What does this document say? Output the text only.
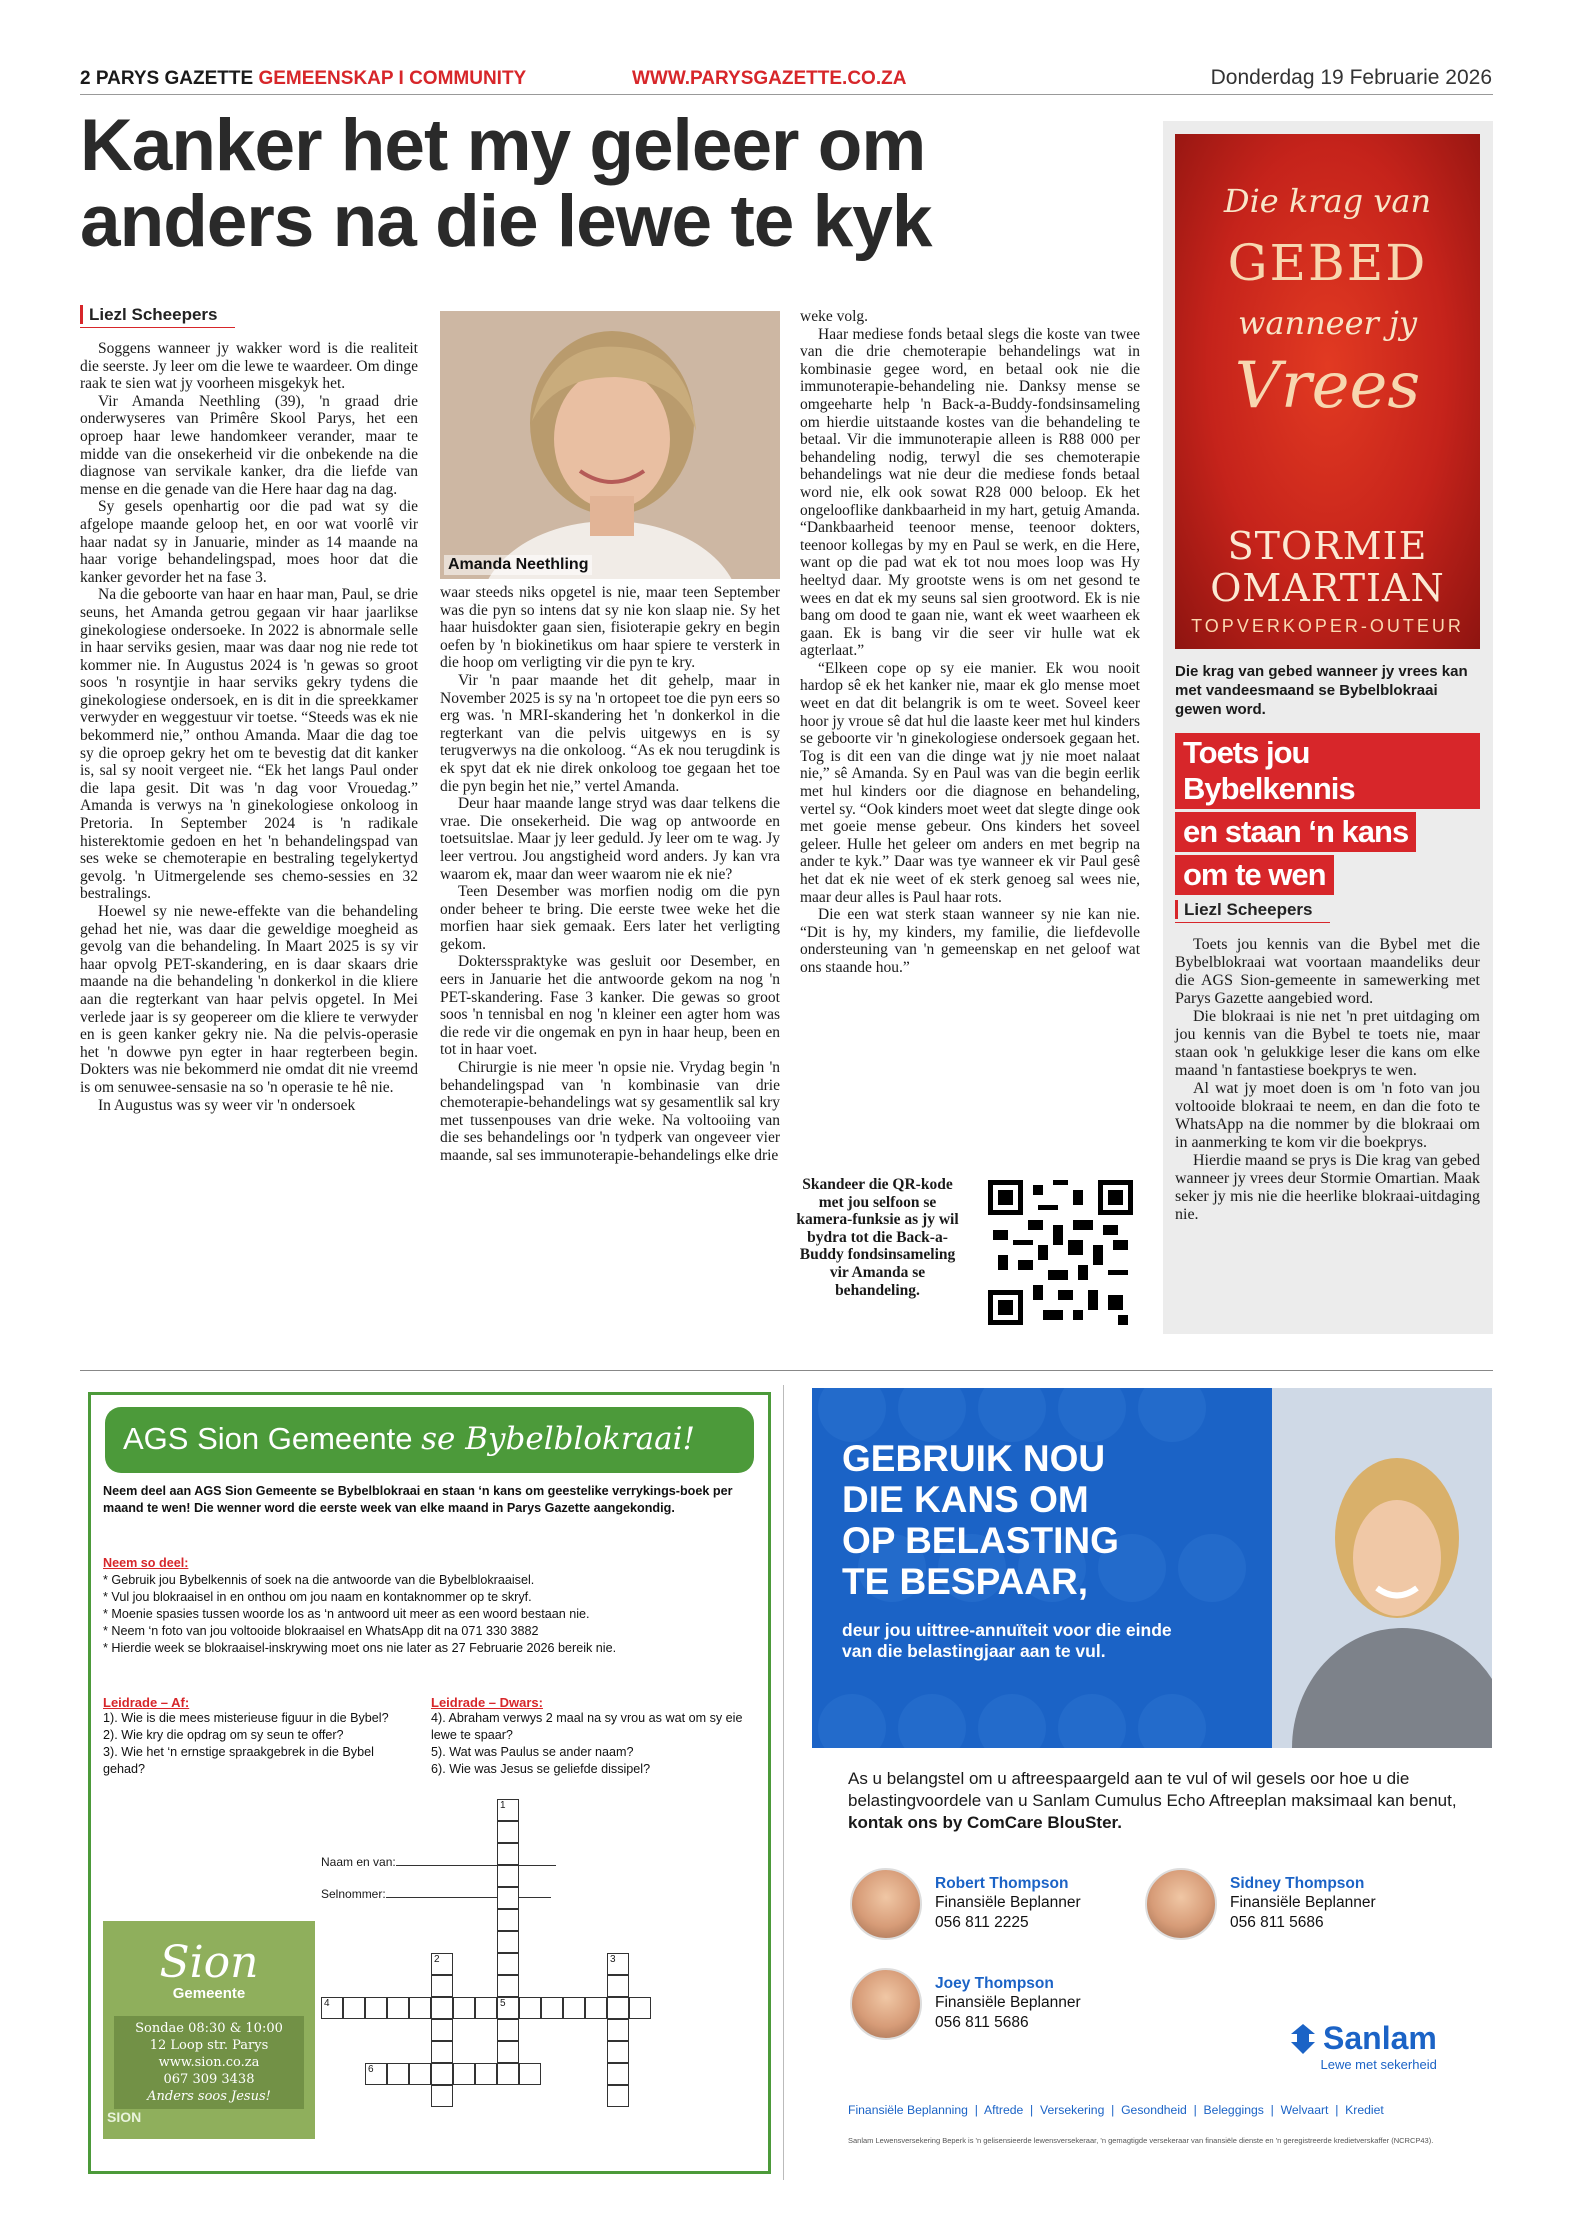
2 PARYS GAZETTE GEMEENSKAP I COMMUNITY	WWW.PARYSGAZETTE.CO.ZA	Donderdag 19 Februarie 2026
Kanker het my geleer om
anders na die lewe te kyk
Liezl Scheepers

Soggens wanneer jy wakker word is die realiteit die seerste. Jy leer om die lewe te waardeer. Om dinge raak te sien wat jy voorheen misgekyk het.

Vir Amanda Neethling (39), 'n graad drie onderwyseres van Primêre Skool Parys, het een oproep haar lewe handomkeer verander, maar te midde van die onsekerheid vir die onbekende na die diagnose van servikale kanker, dra die liefde van mense en die genade van die Here haar dag na dag.

Sy gesels openhartig oor die pad wat sy die afgelope maande geloop het, en oor wat voorlê vir haar nadat sy in Januarie, minder as 14 maande na haar vorige behandelingspad, moes hoor dat die kanker gevorder het na fase 3.

Na die geboorte van haar en haar man, Paul, se drie seuns, het Amanda getrou gegaan vir haar jaarlikse ginekologiese ondersoeke. In 2022 is abnormale selle in haar serviks gesien, maar was daar nog nie rede tot kommer nie. In Augustus 2024 is 'n gewas so groot soos 'n rosyntjie in haar serviks gekry tydens die ginekologiese ondersoek, en is dit in die spreekkamer verwyder en weggestuur vir toetse. “Steeds was ek nie bekommerd nie,” onthou Amanda. Maar die dag toe sy die oproep gekry het om te bevestig dat dit kanker is, sal sy nooit vergeet nie. “Ek het langs Paul onder die lapa gesit. Dit was 'n dag voor Vrouedag.” Amanda is verwys na 'n ginekologiese onkoloog in Pretoria. In September 2024 is 'n radikale histerektomie gedoen en het 'n behandelingspad van ses weke se chemoterapie en bestraling tegelykertyd gevolg. 'n Uitmergelende ses chemo-sessies en 32 bestralings.

Hoewel sy nie newe-effekte van die behandeling gehad het nie, was daar die geweldige moegheid as gevolg van die behandeling. In Maart 2025 is sy vir haar opvolg PET-skandering, en is daar skaars drie maande na die behandeling 'n donkerkol in die kliere aan die regterkant van haar pelvis opgetel. In Mei verlede jaar is sy geopereer om die kliere te verwyder en is geen kanker gekry nie. Na die pelvis-operasie het 'n dowwe pyn egter in haar regterbeen begin. Dokters was nie bekommerd nie omdat dit nie vreemd is om senuwee-sensasie na so 'n operasie te hê nie.

In Augustus was sy weer vir 'n ondersoek

Amanda Neethling

waar steeds niks opgetel is nie, maar teen September was die pyn so intens dat sy nie kon slaap nie. Sy het haar huisdokter gaan sien, fisioterapie gekry en begin oefen by 'n biokinetikus om haar spiere te versterk in die hoop om verligting vir die pyn te kry.

Vir 'n paar maande het dit gehelp, maar in November 2025 is sy na 'n ortopeet toe die pyn eers so erg was. 'n MRI-skandering het 'n donkerkol in die regterkant van die pelvis uitgewys en is sy terugverwys na die onkoloog. “As ek nou terugdink is ek spyt dat ek nie direk onkoloog toe gegaan het toe die pyn begin het nie,” vertel Amanda.

Deur haar maande lange stryd was daar telkens die vrae. Die onsekerheid. Die wag op antwoorde en toetsuitslae. Maar jy leer geduld. Jy leer om te wag. Jy leer vertrou. Jou angstigheid word anders. Jy kan vra waarom ek, maar dan weer waarom nie ek nie?

Teen Desember was morfien nodig om die pyn onder beheer te bring. Die eerste twee weke het die morfien haar siek gemaak. Eers later het verligting gekom.

Doktersspraktyke was gesluit oor Desember, en eers in Januarie het die antwoorde gekom na nog 'n PET-skandering. Fase 3 kanker. Die gewas so groot soos 'n tennisbal en nog 'n kleiner een agter hom was die rede vir die ongemak en pyn in haar heup, been en tot in haar voet.

Chirurgie is nie meer 'n opsie nie. Vrydag begin 'n behandelingspad van 'n kombinasie van drie chemoterapie-behandelings wat sy gesamentlik sal kry met tussenpouses van drie weke. Na voltooiing van die ses behandelings oor 'n tydperk van ongeveer vier maande, sal ses immunoterapie-behandelings elke drie

weke volg.

Haar mediese fonds betaal slegs die koste van twee van die drie chemoterapie behandelings wat in kombinasie gegee word, en betaal ook nie die immunoterapie-behandeling nie. Danksy mense se omgeeharte help 'n Back-a-Buddy-fondsinsameling om hierdie uitstaande kostes van die behandeling te betaal. Vir die immunoterapie alleen is R88 000 per behandeling nodig, terwyl die ses chemoterapie behandelings wat nie deur die mediese fonds betaal word nie, elk ook sowat R28 000 beloop. Ek het ongelooflike dankbaarheid in my hart, getuig Amanda. “Dankbaarheid teenoor mense, teenoor dokters, teenoor kollegas by my en Paul se werk, en die Here, want op die pad wat ek tot nou moes loop was Hy heeltyd daar. My grootste wens is om net gesond te wees en dat ek my seuns sal sien grootword. Ek is nie bang om dood te gaan nie, want ek weet waarheen ek gaan. Ek is bang vir die seer vir hulle wat ek agterlaat.”

“Elkeen cope op sy eie manier. Ek wou nooit hardop sê ek het kanker nie, maar ek glo mense moet weet en dat dit belangrik is om te weet. Soveel keer hoor jy vroue sê dat hul die laaste keer met hul kinders se geboorte vir 'n ginekologiese ondersoek gegaan het. Tog is dit een van die dinge wat jy nie moet nalaat nie,” sê Amanda. Sy en Paul was van die begin eerlik met hul kinders oor die diagnose en behandeling, vertel sy. “Ook kinders moet weet dat slegte dinge ook met goeie mense gebeur. Ons kinders het soveel geleer. Hulle het geleer om anders en met begrip na ander te kyk.” Daar was tye wanneer ek vir Paul gesê het dat ek nie weet of ek sterk genoeg sal wees nie, maar deur alles is Paul haar rots.

Die een wat sterk staan wanneer sy nie kan nie. “Dit is hy, my kinders, my familie, die liefdevolle ondersteuning van 'n gemeenskap en net geloof wat ons staande hou.”

Skandeer die QR-kode met jou selfoon se kamera-funksie as jy wil bydra tot die Back-a-Buddy fondsinsameling vir Amanda se behandeling.
Die krag van
GEBED
wanneer jy
Vrees
STORMIE
OMARTIAN
TOPVERKOPER-OUTEUR
Die krag van gebed wanneer jy vrees kan met vandeesmaand se Bybelblokraai gewen word.
Toets jou Bybelkennis
en staan ‘n kans
om te wen
Liezl Scheepers

Toets jou kennis van die Bybel met die Bybelblokraai wat voortaan maandeliks deur die AGS Sion-gemeente in samewerking met Parys Gazette aangebied word.

Die blokraai is nie net 'n pret uitdaging om jou kennis van die Bybel te toets nie, maar staan ook 'n gelukkige leser die kans om elke maand 'n fantastiese boekprys te wen.

Al wat jy moet doen is om 'n foto van jou voltooide blokraai te neem, en dan die foto te WhatsApp na die nommer by die blokraai om in aanmerking te kom vir die boekprys.

Hierdie maand se prys is Die krag van gebed wanneer jy vrees deur Stormie Omartian. Maak seker jy mis nie die heerlike blokraai-uitdaging nie.

AGS Sion Gemeente se Bybelblokraai!
Neem deel aan AGS Sion Gemeente se Bybelblokraai en staan ‘n kans om geestelike verrykings-boek per maand te wen! Die wenner word die eerste week van elke maand in Parys Gazette aangekondig.
Neem so deel:
* Gebruik jou Bybelkennis of soek na die antwoorde van die Bybelblokraaisel.
* Vul jou blokraaisel in en onthou om jou naam en kontaknommer op te skryf.
* Moenie spasies tussen woorde los as ‘n antwoord uit meer as een woord bestaan nie.
* Neem ‘n foto van jou voltooide blokraaisel en WhatsApp dit na 071 330 3882
* Hierdie week se blokraaisel-inskrywing moet ons nie later as 27 Februarie 2026 bereik nie.
Leidrade – Af:
1). Wie is die mees misterieuse figuur in die Bybel?
2). Wie kry die opdrag om sy seun te offer?
3). Wie het ‘n ernstige spraakgebrek in die Bybel gehad?
Leidrade – Dwars:
4). Abraham verwys 2 maal na sy vrou as wat om sy eie lewe te spaar?
5). Wat was Paulus se ander naam?
6). Wie was Jesus se geliefde dissipel?
Naam en van:
Selnommer:
1
5
2	3
4
6
Sion
Gemeente
Sondae 08:30 & 10:00
12 Loop str. Parys
www.sion.co.za
067 309 3438
Anders soos Jesus!
SION
GEBRUIK NOU
DIE KANS OM
OP BELASTING
TE BESPAAR,
deur jou uittree-annuïteit voor die einde van die belastingjaar aan te vul.
As u belangstel om u aftreespaargeld aan te vul of wil gesels oor hoe u die belastingvoordele van u Sanlam Cumulus Echo Aftreeplan maksimaal kan benut, kontak ons by ComCare BlouSter.
Robert Thompson
Finansiële Beplanner
056 811 2225
Sidney Thompson
Finansiële Beplanner
056 811 5686
Joey Thompson
Finansiële Beplanner
056 811 5686	Sanlam
Lewe met sekerheid
Finansiële Beplanning  |  Aftrede  |  Versekering  |  Gesondheid  |  Beleggings  |  Welvaart  |  Krediet
Sanlam Lewensversekering Beperk is 'n gelisensieerde lewensversekeraar, 'n gemagtigde versekeraar van finansiële dienste en 'n geregistreerde kredietverskaffer (NCRCP43).
